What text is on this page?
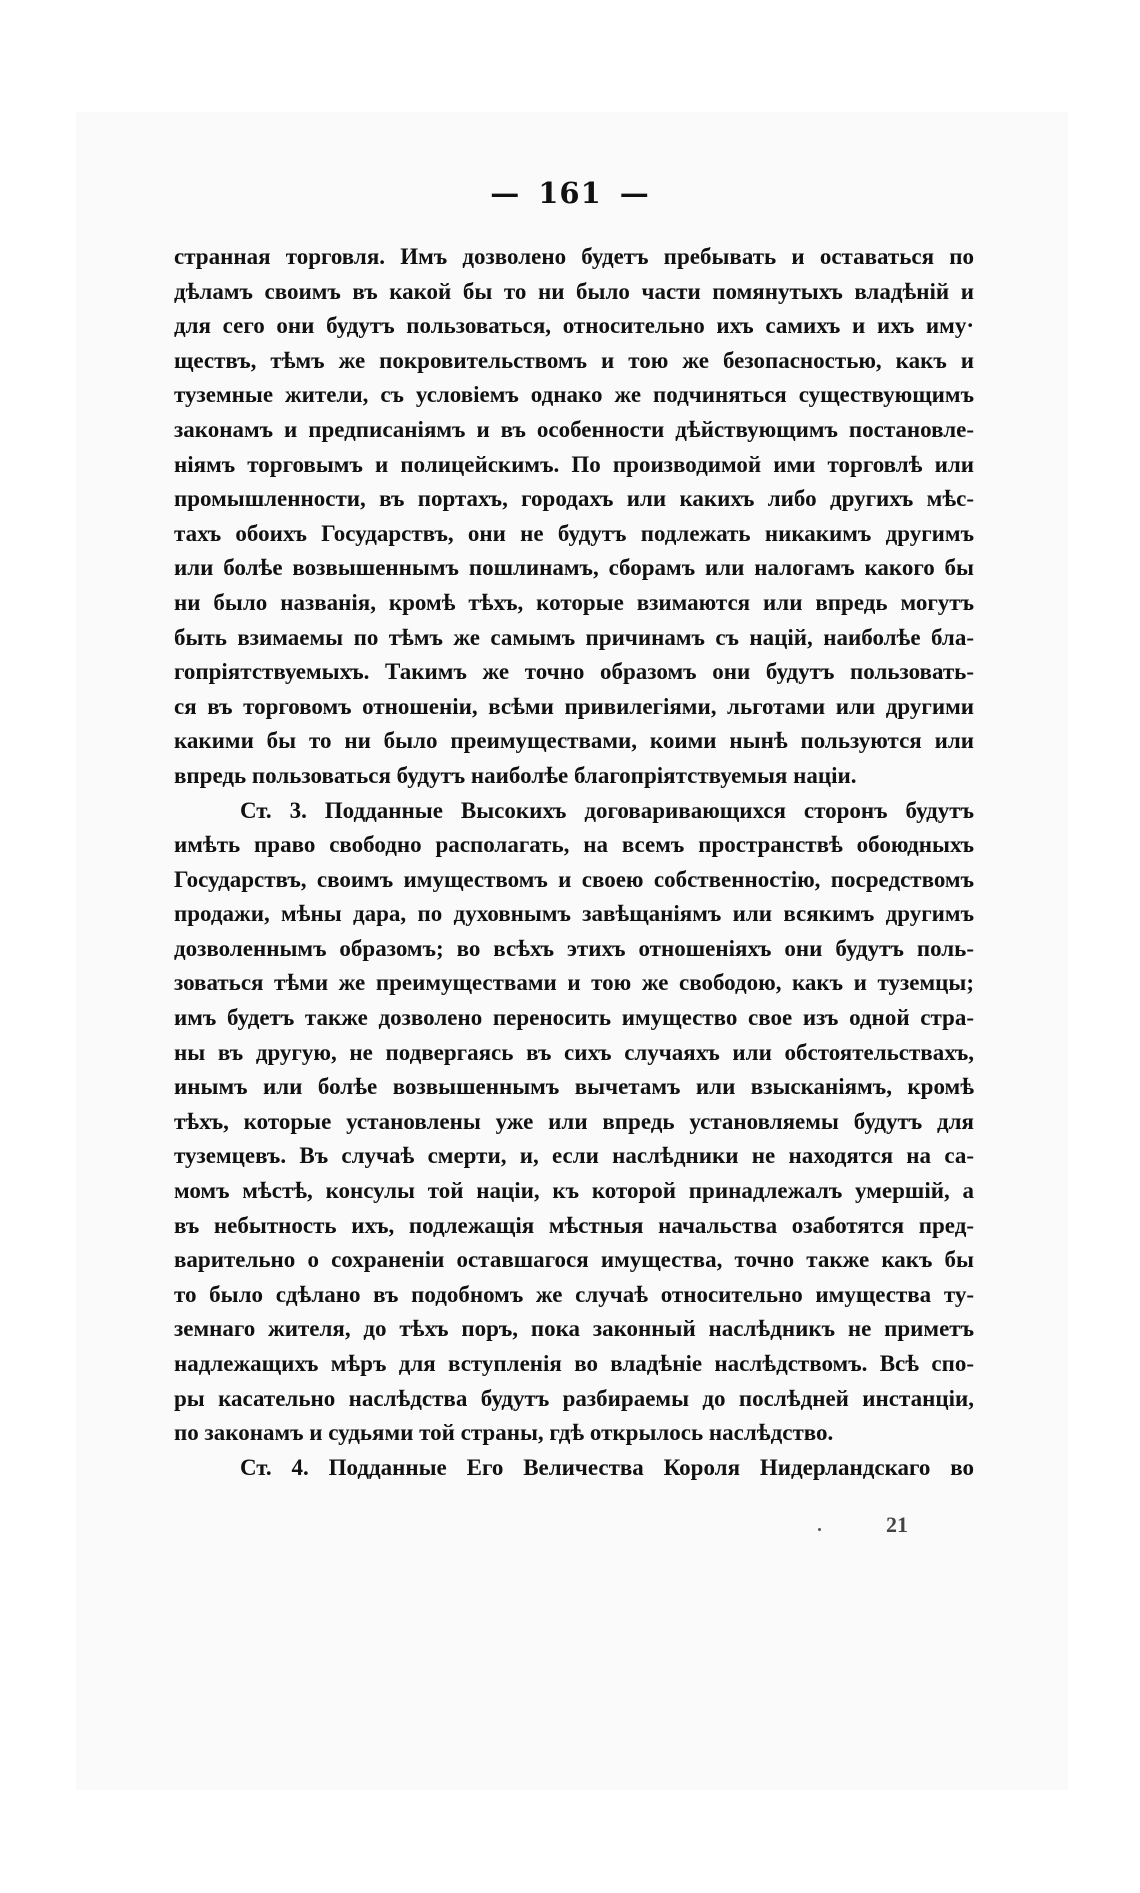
— 161 —
странная торговля. Имъ дозволено будетъ пребывать и оставаться по
дѣламъ своимъ въ какой бы то ни было части помянутыхъ владѣній и
для сего они будутъ пользоваться, относительно ихъ самихъ и ихъ иму·
ществъ, тѣмъ же покровительствомъ и тою же безопасностью, какъ и
туземные жители, съ условіемъ однако же подчиняться существующимъ
законамъ и предписаніямъ и въ особенности дѣйствующимъ постановле-
ніямъ торговымъ и полицейскимъ. По производимой ими торговлѣ или
промышленности, въ портахъ, городахъ или какихъ либо другихъ мѣс-
тахъ обоихъ Государствъ, они не будутъ подлежать никакимъ другимъ
или болѣе возвышеннымъ пошлинамъ, сборамъ или налогамъ какого бы
ни было названія, кромѣ тѣхъ, которые взимаются или впредь могутъ
быть взимаемы по тѣмъ же самымъ причинамъ съ націй, наиболѣе бла-
гопріятствуемыхъ. Такимъ же точно образомъ они будутъ пользовать-
ся въ торговомъ отношеніи, всѣми привилегіями, льготами или другими
какими бы то ни было преимуществами, коими нынѣ пользуются или
впредь пользоваться будутъ наиболѣе благопріятствуемыя націи.
Ст. 3. Подданные Высокихъ договаривающихся сторонъ будутъ
имѣть право свободно располагать, на всемъ пространствѣ обоюдныхъ
Государствъ, своимъ имуществомъ и своею собственностію, посредствомъ
продажи, мѣны дара, по духовнымъ завѣщаніямъ или всякимъ другимъ
дозволеннымъ образомъ; во всѣхъ этихъ отношеніяхъ они будутъ поль-
зоваться тѣми же преимуществами и тою же свободою, какъ и туземцы;
имъ будетъ также дозволено переносить имущество свое изъ одной стра-
ны въ другую, не подвергаясь въ сихъ случаяхъ или обстоятельствахъ,
инымъ или болѣе возвышеннымъ вычетамъ или взысканіямъ, кромѣ
тѣхъ, которые установлены уже или впредь установляемы будутъ для
туземцевъ. Въ случаѣ смерти, и, если наслѣдники не находятся на са-
момъ мѣстѣ, консулы той націи, къ которой принадлежалъ умершій, а
въ небытность ихъ, подлежащія мѣстныя начальства озаботятся пред-
варительно о сохраненіи оставшагося имущества, точно также какъ бы
то было сдѣлано въ подобномъ же случаѣ относительно имущества ту-
земнаго жителя, до тѣхъ поръ, пока законный наслѣдникъ не приметъ
надлежащихъ мѣръ для вступленія во владѣніе наслѣдствомъ. Всѣ спо-
ры касательно наслѣдства будутъ разбираемы до послѣдней инстанціи,
по законамъ и судьями той страны, гдѣ открылось наслѣдство.
Ст. 4. Подданные Его Величества Короля Нидерландскаго во
21
